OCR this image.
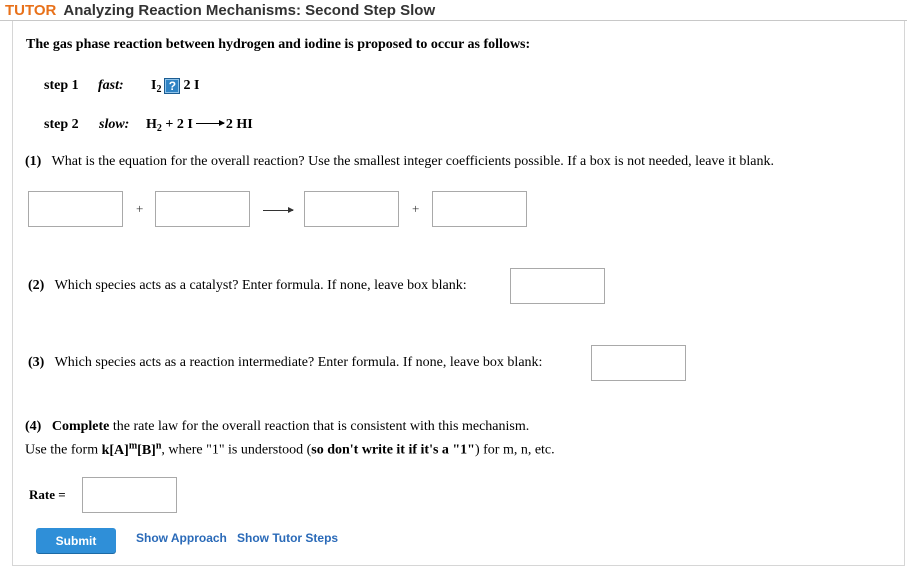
TUTOR Analyzing Reaction Mechanisms: Second Step Slow
The gas phase reaction between hydrogen and iodine is proposed to occur as follows:
step 1 fast: $I_2$ ? 2 I
step 2 slow: $H_2 + 2$ I → 2 HI
(1) What is the equation for the overall reaction? Use the smallest integer coefficients possible. If a box is not needed, leave it blank.
+	+
(2) Which species acts as a catalyst? Enter formula. If none, leave box blank:
(3) Which species acts as a reaction intermediate? Enter formula. If none, leave box blank:
(4) Complete the rate law for the overall reaction that is consistent with this mechanism.
Use the form $k[A]^m[B]^n$, where "1" is understood (so don't write it if it's a "1") for m, n, etc.
Rate =
Submit	Show Approach Show Tutor Steps
